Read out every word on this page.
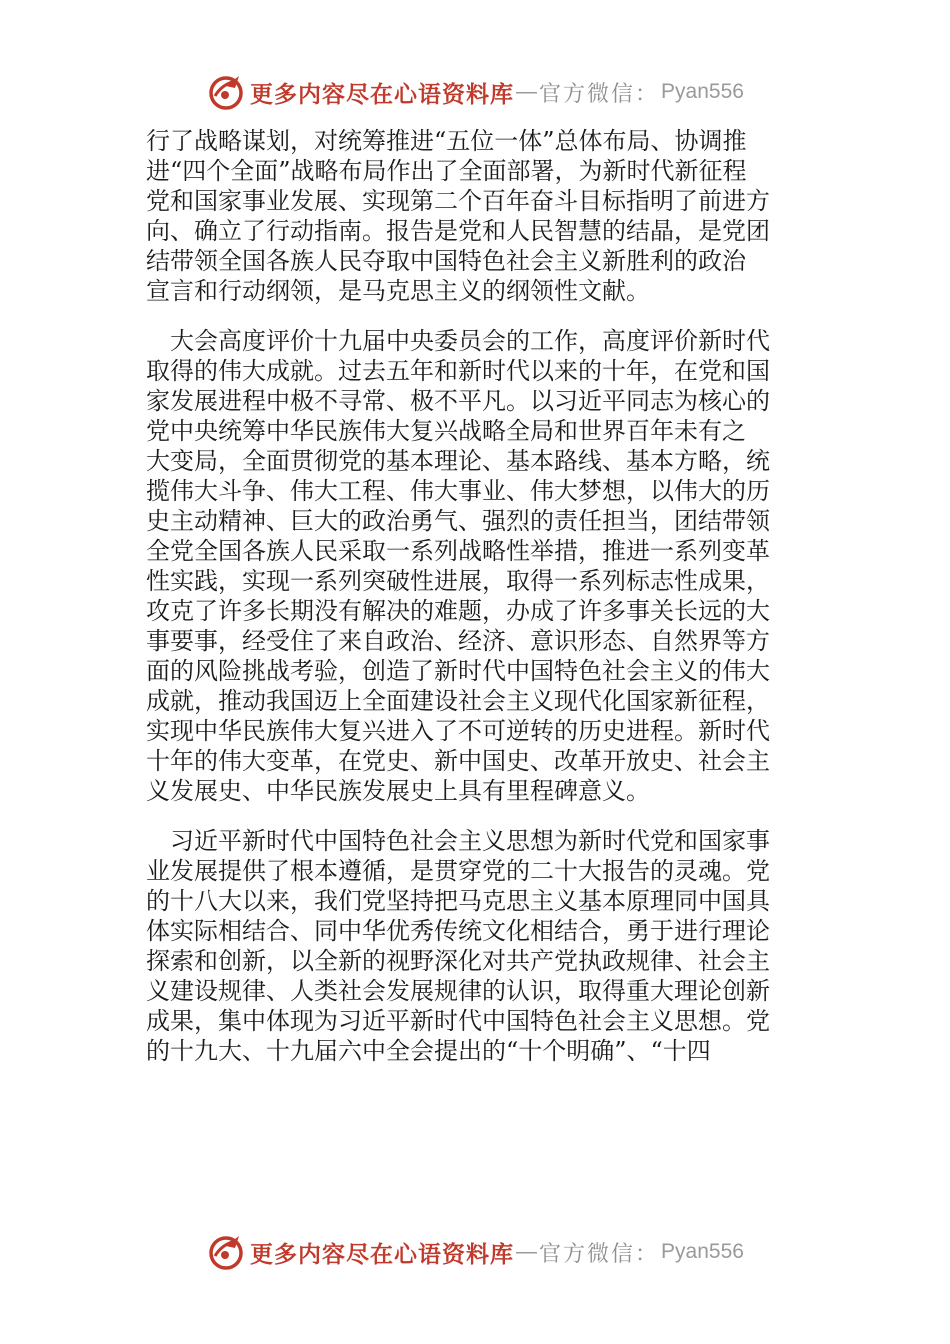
更多内容尽在心语资料库 — 官方微信： Pyan556

行了战略谋划，对统筹推进“五位一体”总体布局、协调推
进“四个全面”战略布局作出了全面部署，为新时代新征程
党和国家事业发展、实现第二个百年奋斗目标指明了前进方
向、确立了行动指南。报告是党和人民智慧的结晶，是党团
结带领全国各族人民夺取中国特色社会主义新胜利的政治
宣言和行动纲领，是马克思主义的纲领性文献。

　大会高度评价十九届中央委员会的工作，高度评价新时代
取得的伟大成就。过去五年和新时代以来的十年，在党和国
家发展进程中极不寻常、极不平凡。以习近平同志为核心的
党中央统筹中华民族伟大复兴战略全局和世界百年未有之
大变局，全面贯彻党的基本理论、基本路线、基本方略，统
揽伟大斗争、伟大工程、伟大事业、伟大梦想，以伟大的历
史主动精神、巨大的政治勇气、强烈的责任担当，团结带领
全党全国各族人民采取一系列战略性举措，推进一系列变革
性实践，实现一系列突破性进展，取得一系列标志性成果，
攻克了许多长期没有解决的难题，办成了许多事关长远的大
事要事，经受住了来自政治、经济、意识形态、自然界等方
面的风险挑战考验，创造了新时代中国特色社会主义的伟大
成就，推动我国迈上全面建设社会主义现代化国家新征程，
实现中华民族伟大复兴进入了不可逆转的历史进程。新时代
十年的伟大变革，在党史、新中国史、改革开放史、社会主
义发展史、中华民族发展史上具有里程碑意义。

　习近平新时代中国特色社会主义思想为新时代党和国家事
业发展提供了根本遵循，是贯穿党的二十大报告的灵魂。党
的十八大以来，我们党坚持把马克思主义基本原理同中国具
体实际相结合、同中华优秀传统文化相结合，勇于进行理论
探索和创新，以全新的视野深化对共产党执政规律、社会主
义建设规律、人类社会发展规律的认识，取得重大理论创新
成果，集中体现为习近平新时代中国特色社会主义思想。党
的十九大、十九届六中全会提出的“十个明确”、“十四

更多内容尽在心语资料库 — 官方微信： Pyan556
